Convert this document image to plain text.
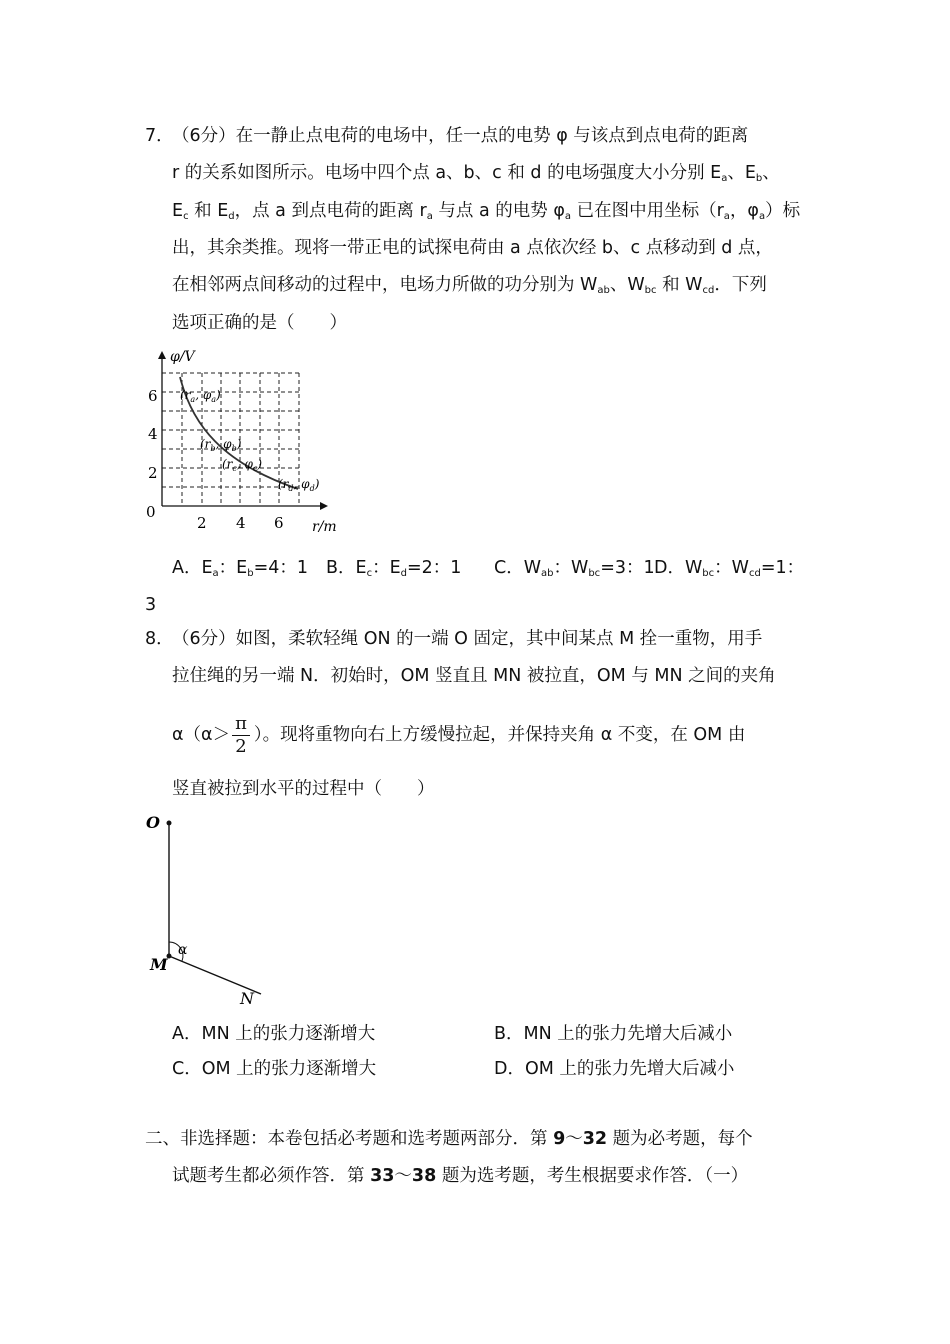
7．
（6分）在一静止点电荷的电场中，任一点的电势 φ 与该点到点电荷的距离
r 的关系如图所示。电场中四个点 a、b、c 和 d 的电场强度大小分别 $E_a$、$E_b$、
$E_c$ 和 $E_d$，点 a 到点电荷的距离 $r_a$ 与点 a 的电势 $\varphi_a$ 已在图中用坐标（$r_a$，$\varphi_a$）标
出，其余类推。现将一带正电的试探电荷由 a 点依次经 b、c 点移动到 d 点，
在相邻两点间移动的过程中，电场力所做的功分别为 $W_{ab}$、$W_{bc}$ 和 $W_{cd}$．下列
选项正确的是（　　）
φ/V
r/m
0
6
4
2
2 4 6
($r_a$, $\varphi_a$)
($r_b$, $\varphi_b$)
($r_c$, $\varphi_c$)
($r_d$, $\varphi_d$)
A．$E_a$：$E_b=4$：1 B．$E_c$：$E_d=2$：1 C．$W_{ab}$：$W_{bc}=3$：1 D．$W_{bc}$：$W_{cd}=1$：
3
8．
（6分）如图，柔软轻绳 ON 的一端 O 固定，其中间某点 M 拴一重物，用手
拉住绳的另一端 N．初始时，OM 竖直且 MN 被拉直，OM 与 MN 之间的夹角
$\alpha(\alpha> \frac{\pi}{2}$ ）。现将重物向右上方缓慢拉起，并保持夹角 α 不变，在 OM 由
竖直被拉到水平的过程中（　　）
O
M
N
α
A．MN 上的张力逐渐增大	B．MN 上的张力先增大后减小
C．OM 上的张力逐渐增大	D．OM 上的张力先增大后减小
二、非选择题：本卷包括必考题和选考题两部分．第 9～32 题为必考题，每个
试题考生都必须作答．第 33～38 题为选考题，考生根据要求作答．（一）
